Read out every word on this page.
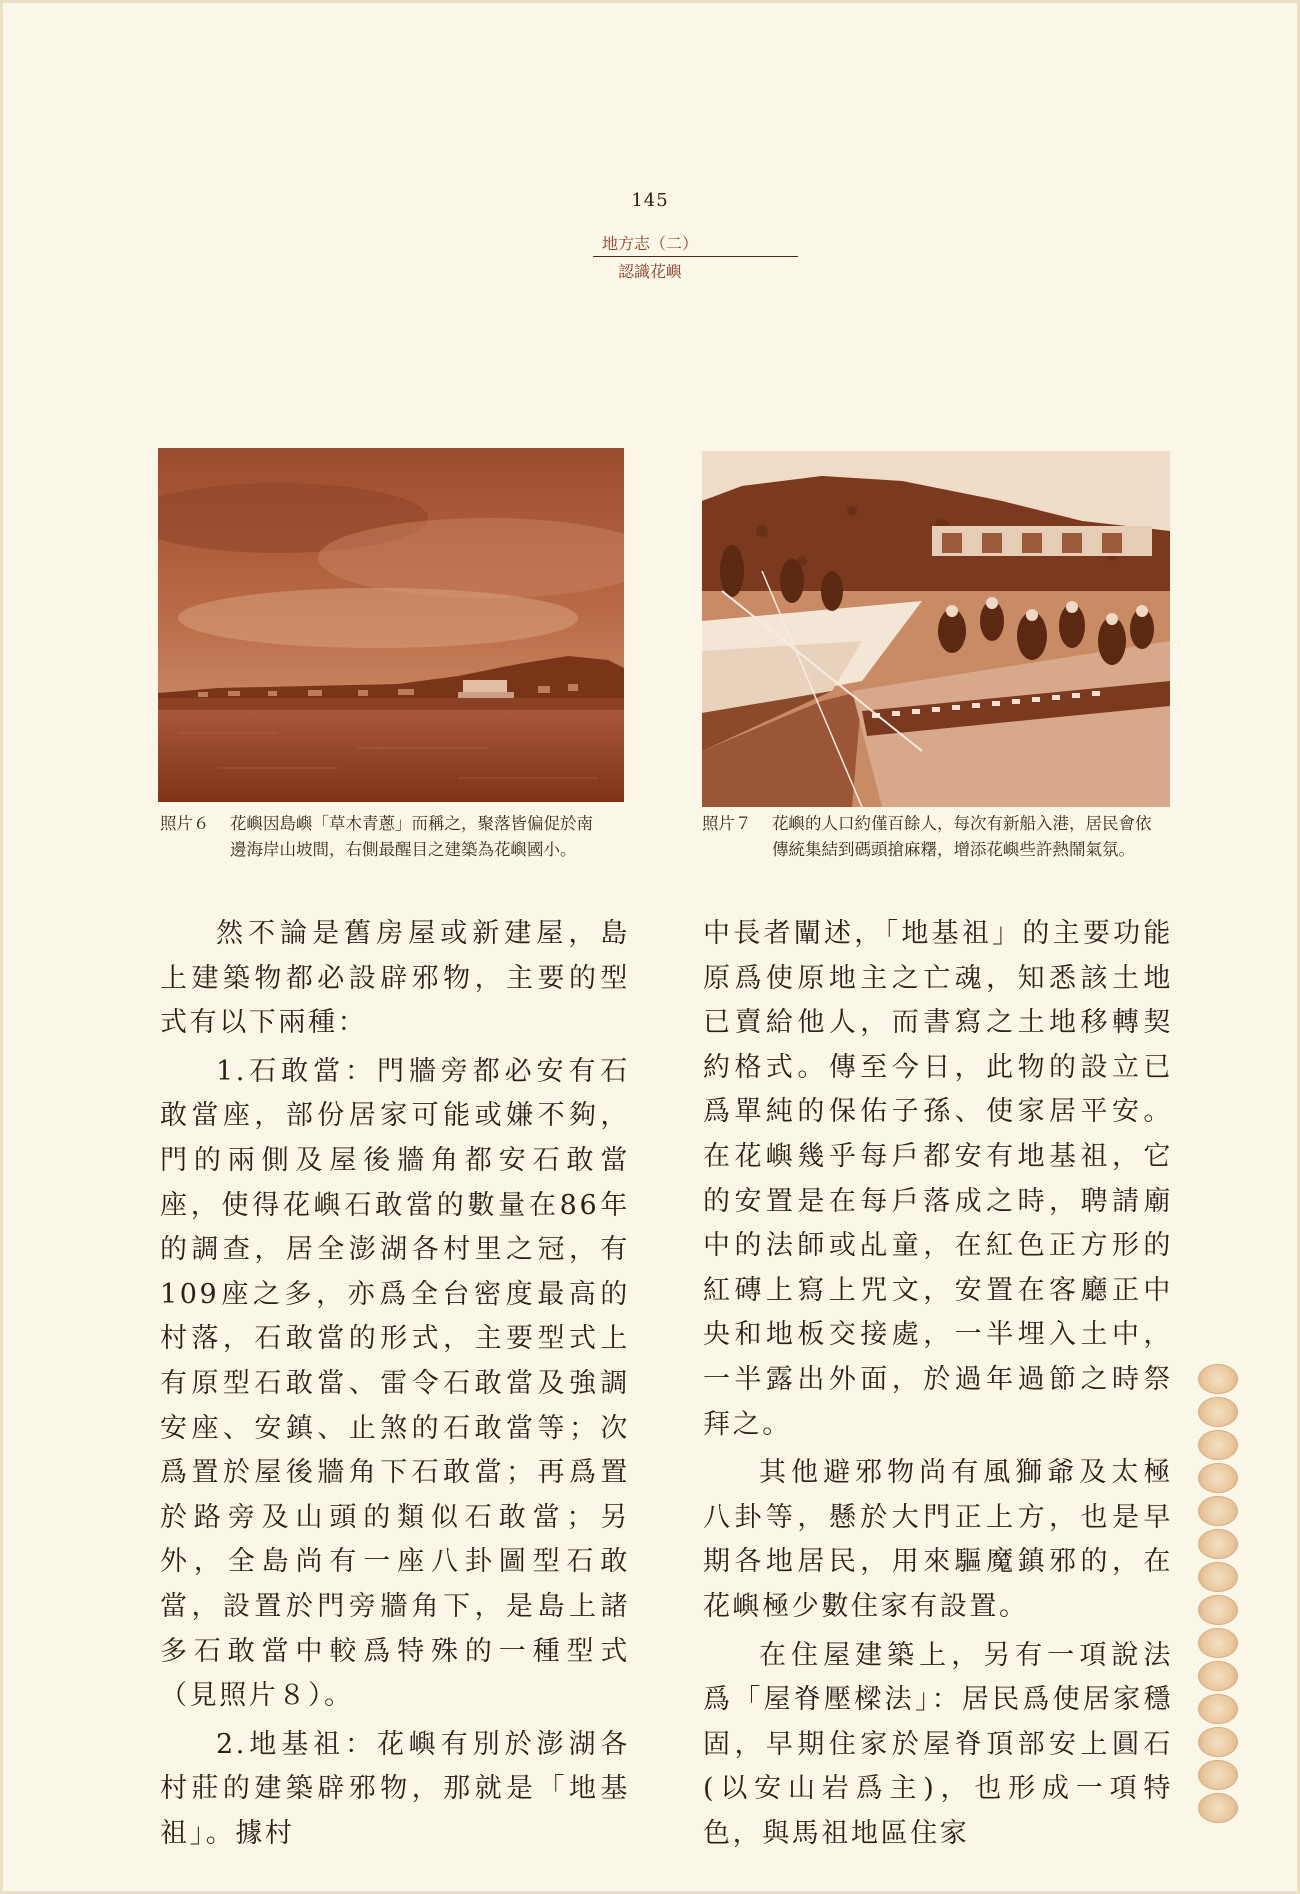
145
地方志（二）
認識花嶼
照片６ 花嶼因島嶼「草木青蔥」而稱之，聚落皆偏促於南
邊海岸山坡間，右側最醒目之建築為花嶼國小。
照片７ 花嶼的人口約僅百餘人，每次有新船入港，居民會依
傳統集結到碼頭搶麻糬，增添花嶼些許熱鬧氣氛。

然不論是舊房屋或新建屋，島上建築物都必設辟邪物，主要的型式有以下兩種：

1.石敢當：門牆旁都必安有石敢當座，部份居家可能或嫌不夠，門的兩側及屋後牆角都安石敢當座，使得花嶼石敢當的數量在86年的調查，居全澎湖各村里之冠，有109座之多，亦爲全台密度最高的村落，石敢當的形式，主要型式上有原型石敢當、雷令石敢當及強調安座、安鎮、止煞的石敢當等；次爲置於屋後牆角下石敢當；再爲置於路旁及山頭的類似石敢當；另外，全島尚有一座八卦圖型石敢當，設置於門旁牆角下，是島上諸多石敢當中較爲特殊的一種型式（見照片８）。

2.地基祖：花嶼有別於澎湖各村莊的建築辟邪物，那就是「地基祖」。據村

中長者闡述，「地基祖」的主要功能原爲使原地主之亡魂，知悉該土地已賣給他人，而書寫之土地移轉契約格式。傳至今日，此物的設立已爲單純的保佑子孫、使家居平安。在花嶼幾乎每戶都安有地基祖，它的安置是在每戶落成之時，聘請廟中的法師或乩童，在紅色正方形的紅磚上寫上咒文，安置在客廳正中央和地板交接處，一半埋入土中，一半露出外面，於過年過節之時祭拜之。

其他避邪物尚有風獅爺及太極八卦等，懸於大門正上方，也是早期各地居民，用來驅魔鎮邪的，在花嶼極少數住家有設置。

在住屋建築上，另有一項說法爲「屋脊壓樑法」：居民爲使居家穩固，早期住家於屋脊頂部安上圓石(以安山岩爲主)，也形成一項特色，與馬祖地區住家
